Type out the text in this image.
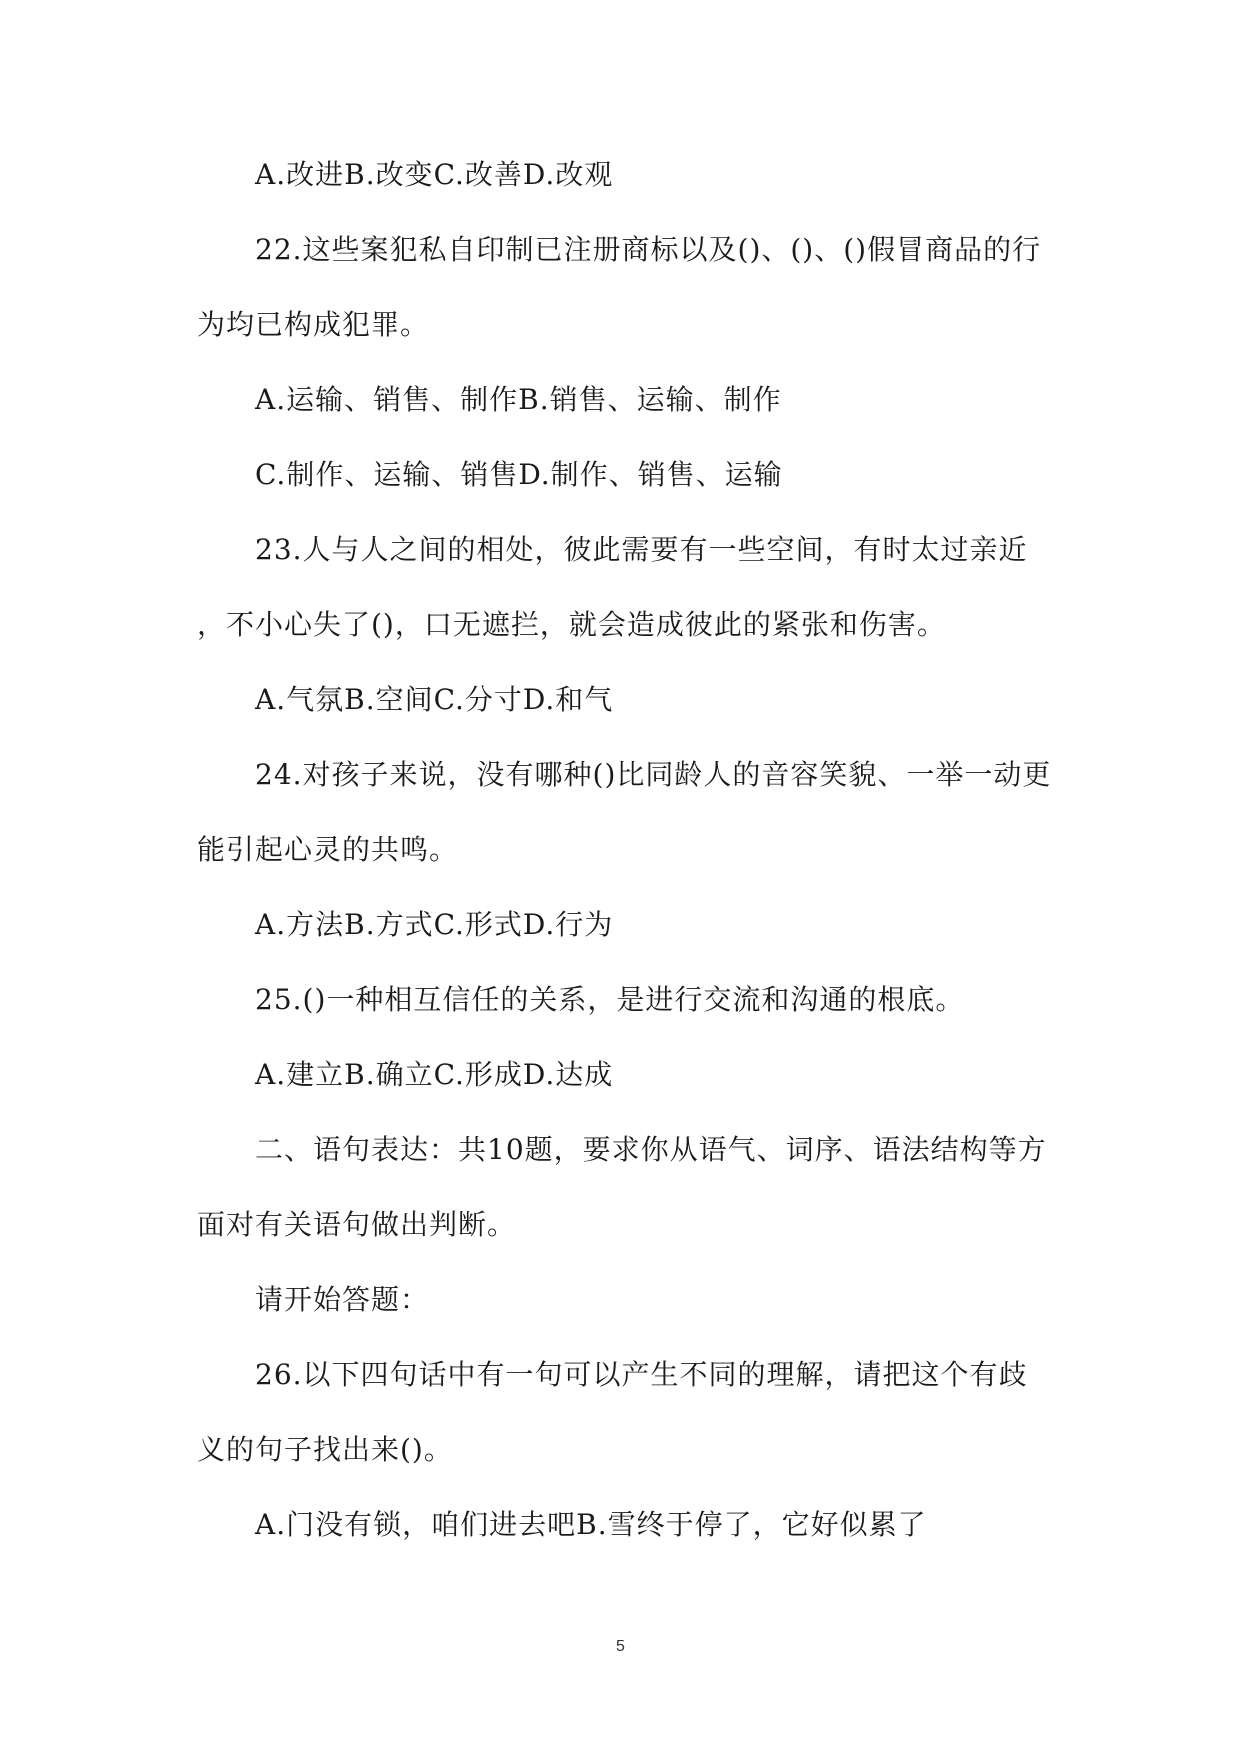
A.改进B.改变C.改善D.改观
22.这些案犯私自印制已注册商标以及()、()、()假冒商品的行
为均已构成犯罪。
A.运输、销售、制作B.销售、运输、制作
C.制作、运输、销售D.制作、销售、运输
23.人与人之间的相处，彼此需要有一些空间，有时太过亲近
，不小心失了()，口无遮拦，就会造成彼此的紧张和伤害。
A.气氛B.空间C.分寸D.和气
24.对孩子来说，没有哪种()比同龄人的音容笑貌、一举一动更
能引起心灵的共鸣。
A.方法B.方式C.形式D.行为
25.()一种相互信任的关系，是进行交流和沟通的根底。
A.建立B.确立C.形成D.达成
二、语句表达：共10题，要求你从语气、词序、语法结构等方
面对有关语句做出判断。
请开始答题：
26.以下四句话中有一句可以产生不同的理解，请把这个有歧
义的句子找出来()。
A.门没有锁，咱们进去吧B.雪终于停了，它好似累了
5
